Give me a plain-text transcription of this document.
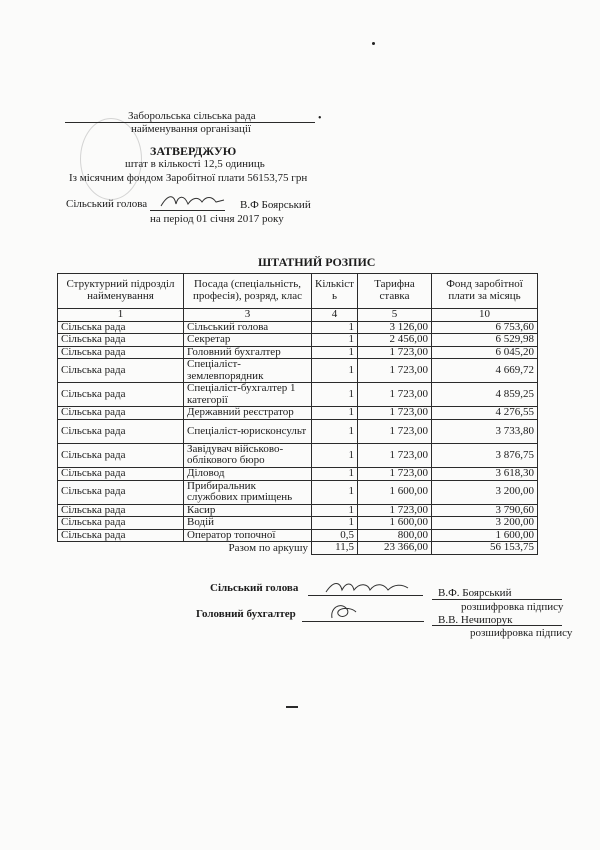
Заборольська сільська рада	•
найменування організації
ЗАТВЕРДЖУЮ
штат в кількості 12,5 одиниць
Із місячним фондом Заробітної плати 56153,75 грн
Сільський голова	В.Ф Боярський
на період 01 січня 2017 року
ШТАТНИЙ РОЗПИС
Структурний підрозділ найменування	Посада (спеціальність, професія), розряд, клас	Кількість	Тарифна ставка	Фонд заробітної плати за місяць
1	3	4	5	10
Сільська рада	Сільський голова	1	3 126,00	6 753,60
Сільська рада	Секретар	1	2 456,00	6 529,98
Сільська рада	Головний бухгалтер	1	1 723,00	6 045,20
Сільська рада	Спеціаліст-землевпорядник	1	1 723,00	4 669,72
Сільська рада	Спеціаліст-бухгалтер 1 категорії	1	1 723,00	4 859,25
Сільська рада	Державний реєстратор	1	1 723,00	4 276,55
Сільська рада	Спеціаліст-юрисконсульт	1	1 723,00	3 733,80
Сільська рада	Завідувач військово-облікового бюро	1	1 723,00	3 876,75
Сільська рада	Діловод	1	1 723,00	3 618,30
Сільська рада	Прибиральник службових приміщень	1	1 600,00	3 200,00
Сільська рада	Касир	1	1 723,00	3 790,60
Сільська рада	Водій	1	1 600,00	3 200,00
Сільська рада	Оператор топочної	0,5	800,00	1 600,00
	Разом по аркушу	11,5	23 366,00	56 153,75
Сільський голова	В.Ф. Боярський
розшифровка підпису
Головний бухгалтер	В.В. Нечипорук
розшифровка підпису
